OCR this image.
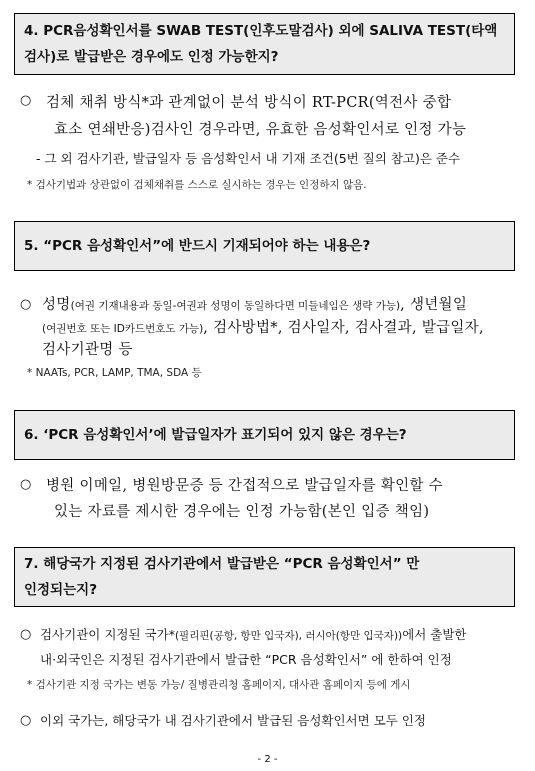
4. PCR음성확인서를 SWAB TEST(인후도말검사) 외에 SALIVA TEST(타액
검사)로 발급받은 경우에도 인정 가능한지?
○ 검체 채취 방식*과 관계없이 분석 방식이 RT-PCR(역전사 중합
효소 연쇄반응)검사인 경우라면, 유효한 음성확인서로 인정 가능
- 그 외 검사기관, 발급일자 등 음성확인서 내 기재 조건(5번 질의 참고)은 준수
* 검사기법과 상관없이 검체채취를 스스로 실시하는 경우는 인정하지 않음.
5. “PCR 음성확인서”에 반드시 기재되어야 하는 내용은?
○ 성명(여권 기재내용과 동일-여권과 성명이 동일하다면 미들네임은 생략 가능), 생년월일
(여권번호 또는 ID카드번호도 가능), 검사방법*, 검사일자, 검사결과, 발급일자,
검사기관명 등
* NAATs, PCR, LAMP, TMA, SDA 등
6. ‘PCR 음성확인서’에 발급일자가 표기되어 있지 않은 경우는?
○ 병원 이메일, 병원방문증 등 간접적으로 발급일자를 확인할 수
있는 자료를 제시한 경우에는 인정 가능함(본인 입증 책임)
7. 해당국가 지정된 검사기관에서 발급받은 “PCR 음성확인서” 만
인정되는지?
○ 검사기관이 지정된 국가*(필리핀(공항, 항만 입국자), 러시아(항만 입국자))에서 출발한
내·외국인은 지정된 검사기관에서 발급한 “PCR 음성확인서” 에 한하여 인정
* 검사기관 지정 국가는 변동 가능/ 질병관리청 홈페이지, 대사관 홈페이지 등에 게시
○ 이외 국가는, 해당국가 내 검사기관에서 발급된 음성확인서면 모두 인정
- 2 -
